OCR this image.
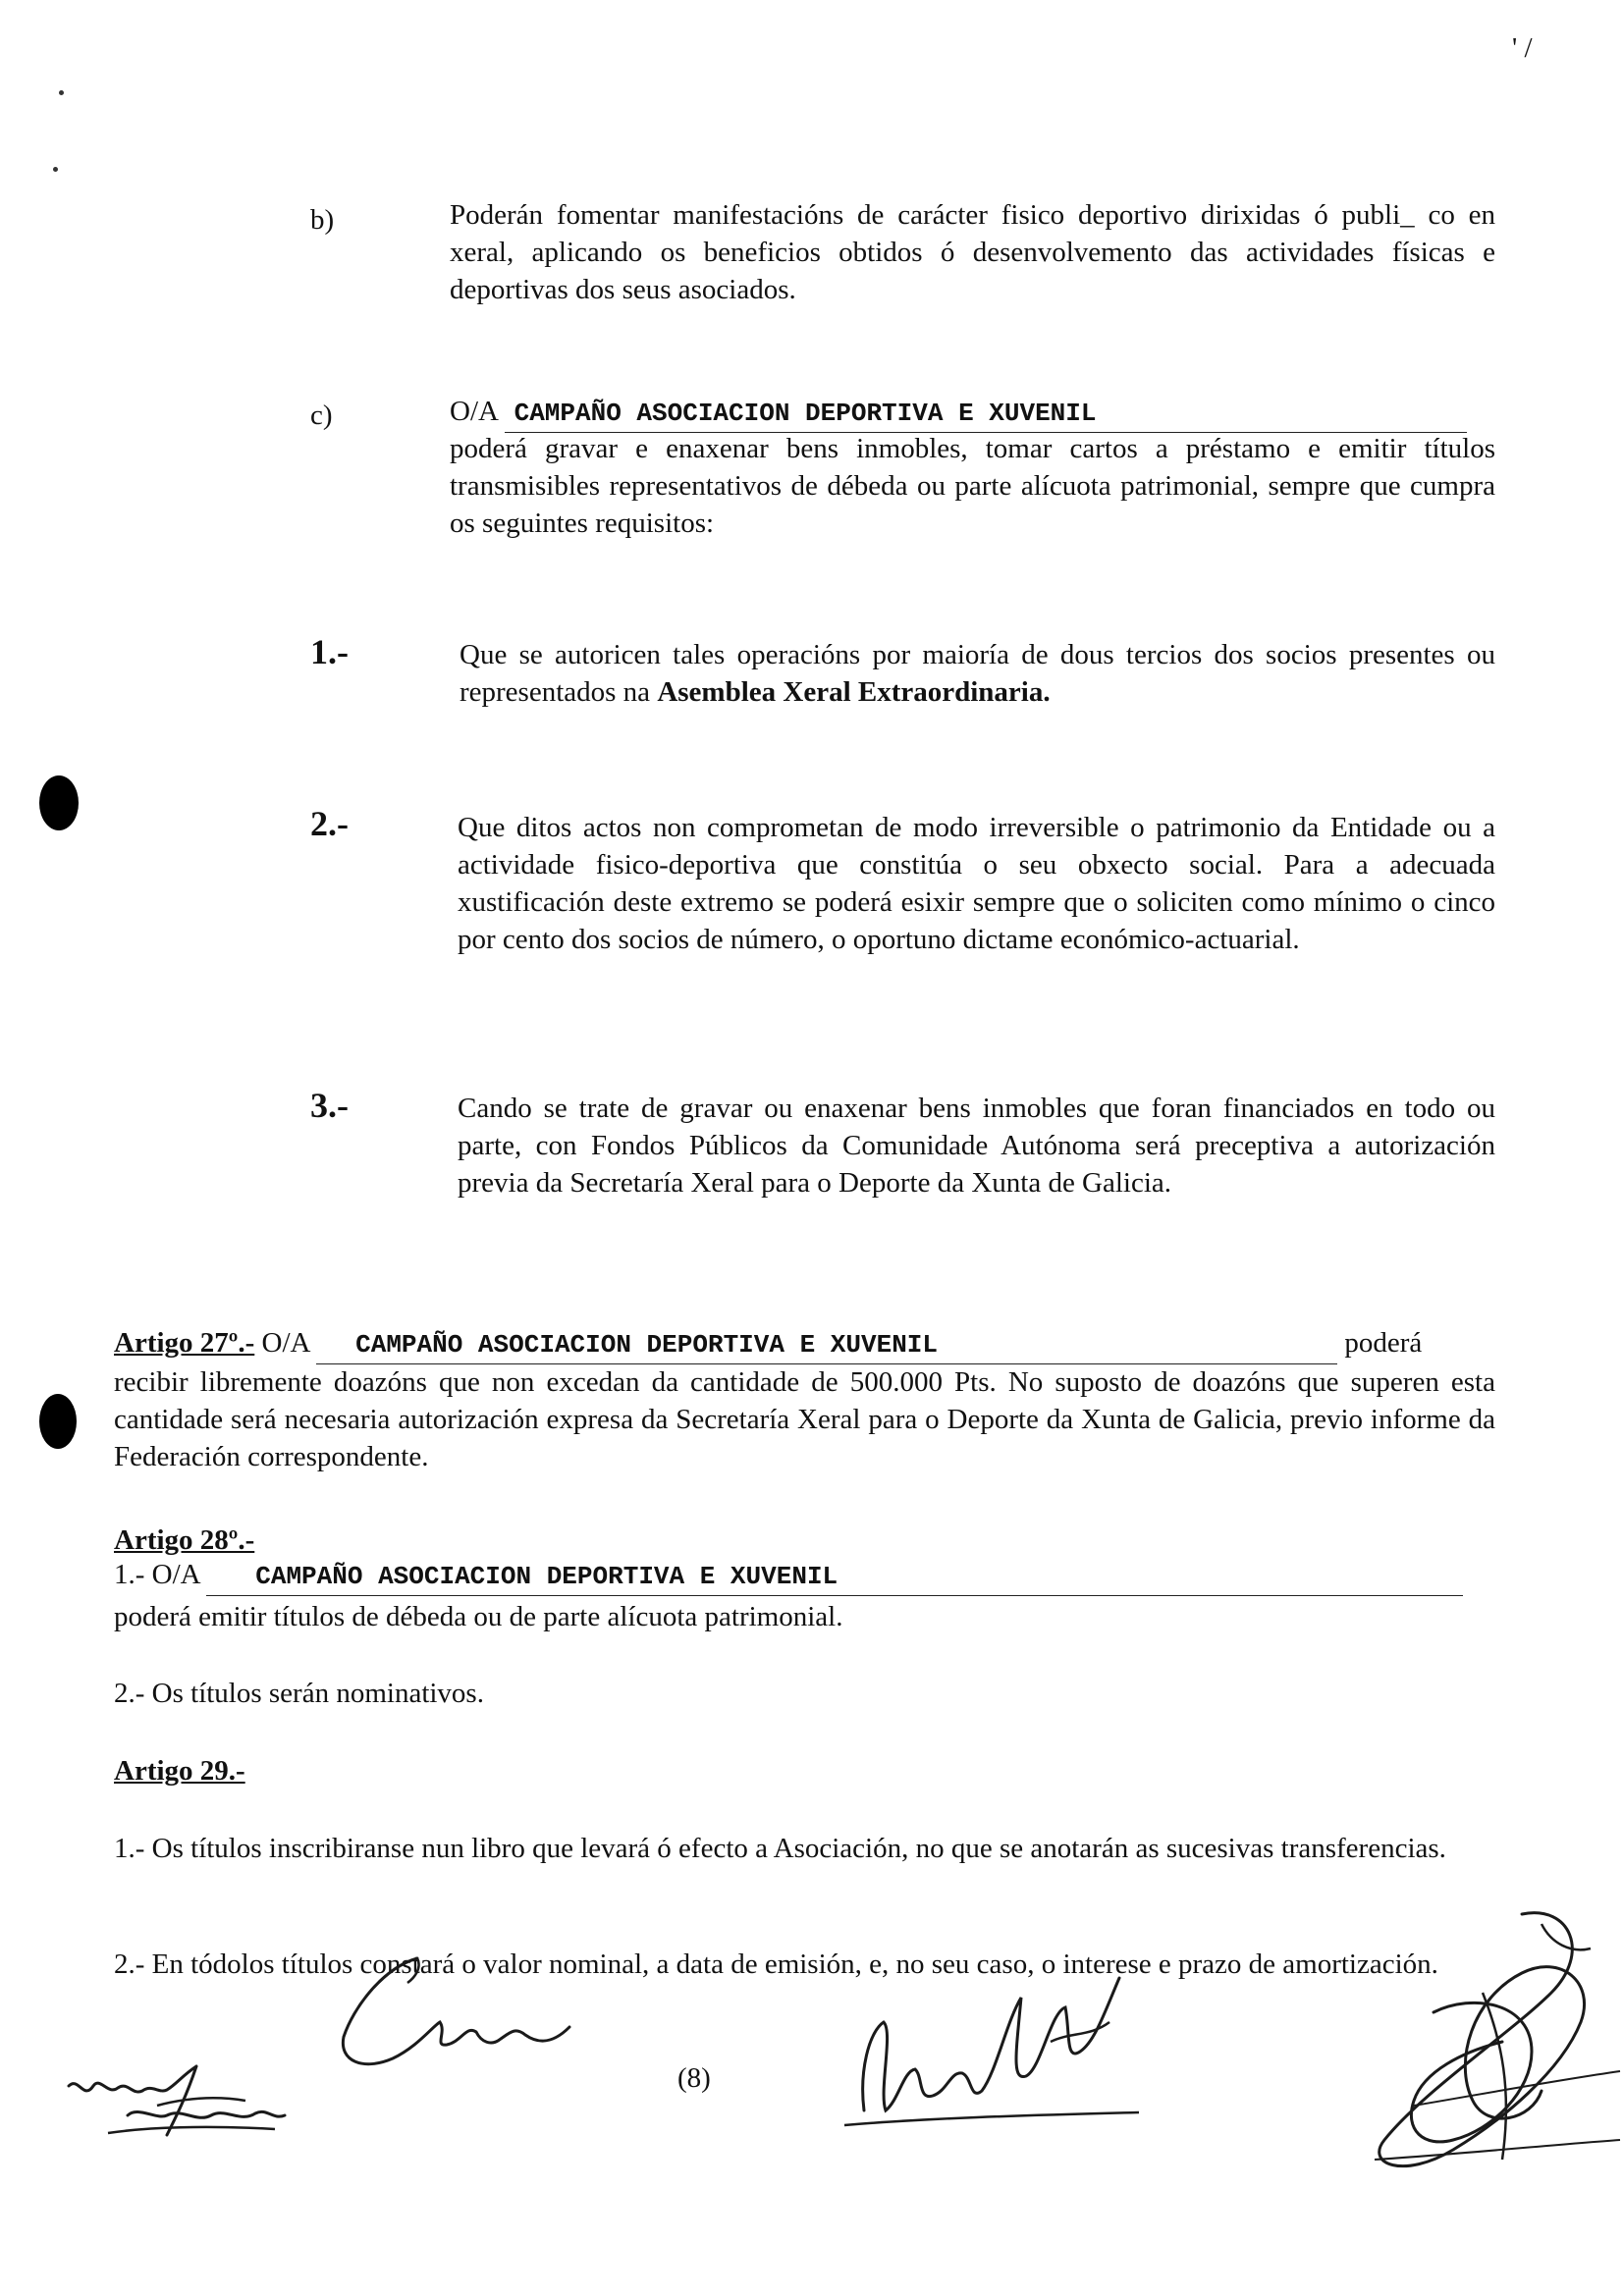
' /
b)	Poderán fomentar manifestacións de carácter fisico deportivo dirixidas ó publi_ co en xeral, aplicando os beneficios obtidos ó desenvolvemento das actividades físicas e deportivas dos seus asociados.
c)	O/A CAMPAÑO ASOCIACION DEPORTIVA E XUVENIL
poderá gravar e enaxenar bens inmobles, tomar cartos a préstamo e emitir títulos transmisibles representativos de débeda ou parte alícuota patrimonial, sempre que cumpra os seguintes requisitos:
1.-	Que se autoricen tales operacións por maioría de dous tercios dos socios presentes ou representados na Asemblea Xeral Extraordinaria.
2.-	Que ditos actos non comprometan de modo irreversible o patrimonio da Entidade ou a actividade fisico-deportiva que constitúa o seu obxecto social. Para a adecuada xustificación deste extremo se poderá esixir sempre que o soliciten como mínimo o cinco por cento dos socios de número, o oportuno dictame económico-actuarial.
3.-	Cando se trate de gravar ou enaxenar bens inmobles que foran financiados en todo ou parte, con Fondos Públicos da Comunidade Autónoma será preceptiva a autorización previa da Secretaría Xeral para o Deporte da Xunta de Galicia.
Artigo 27º.- O/A CAMPAÑO ASOCIACION DEPORTIVA E XUVENIL	poderá
recibir libremente doazóns que non excedan da cantidade de 500.000 Pts. No suposto de doazóns que superen esta cantidade será necesaria autorización expresa da Secretaría Xeral para o Deporte da Xunta de Galicia, previo informe da Federación correspondente.
Artigo 28º.-
1.- O/A CAMPAÑO ASOCIACION DEPORTIVA E XUVENIL
poderá emitir títulos de débeda ou de parte alícuota patrimonial.
2.- Os títulos serán nominativos.
Artigo 29.-
1.- Os títulos inscribiranse nun libro que levará ó efecto a Asociación, no que se anotarán as sucesivas transferencias.
2.- En tódolos títulos constará o valor nominal, a data de emisión, e, no seu caso, o interese e prazo de amortización.
(8)
